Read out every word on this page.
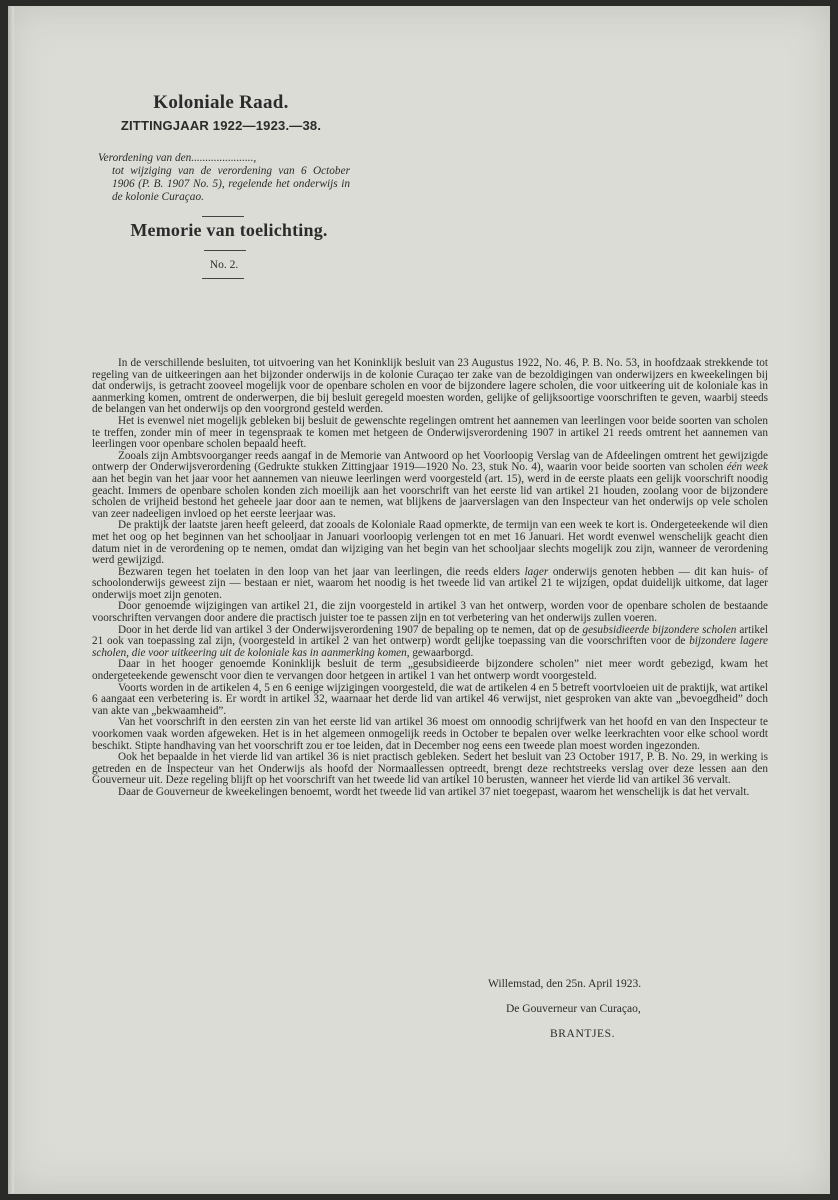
Koloniale Raad.
ZITTINGJAAR 1922—1923.—38.
Verordening van den......................,
tot wijziging van de verordening van 6 October 1906 (P. B. 1907 No. 5), regelende het onderwijs in de kolonie Curaçao.
Memorie van toelichting.
No. 2.

In de verschillende besluiten, tot uitvoering van het Koninklijk besluit van 23 Augustus 1922, No. 46, P. B. No. 53, in hoofdzaak strekkende tot regeling van de uitkeeringen aan het bijzonder onderwijs in de kolonie Curaçao ter zake van de bezoldigingen van onderwijzers en kweekelingen bij dat onderwijs, is getracht zooveel mogelijk voor de openbare scholen en voor de bijzondere lagere scholen, die voor uitkeering uit de koloniale kas in aanmerking komen, omtrent de onderwerpen, die bij besluit geregeld moesten worden, gelijke of gelijksoortige voorschriften te geven, waarbij steeds de belangen van het onderwijs op den voorgrond gesteld werden.

Het is evenwel niet mogelijk gebleken bij besluit de gewenschte regelingen omtrent het aannemen van leerlingen voor beide soorten van scholen te treffen, zonder min of meer in tegenspraak te komen met hetgeen de Onderwijsverordening 1907 in artikel 21 reeds omtrent het aannemen van leerlingen voor openbare scholen bepaald heeft.

Zooals zijn Ambtsvoorganger reeds aangaf in de Memorie van Antwoord op het Voorloopig Verslag van de Afdeelingen omtrent het gewijzigde ontwerp der Onderwijsverordening (Gedrukte stukken Zittingjaar 1919—1920 No. 23, stuk No. 4), waarin voor beide soorten van scholen één week aan het begin van het jaar voor het aannemen van nieuwe leerlingen werd voorgesteld (art. 15), werd in de eerste plaats een gelijk voorschrift noodig geacht. Immers de openbare scholen konden zich moeilijk aan het voorschrift van het eerste lid van artikel 21 houden, zoolang voor de bijzondere scholen de vrijheid bestond het geheele jaar door aan te nemen, wat blijkens de jaarverslagen van den Inspecteur van het onderwijs op vele scholen van zeer nadeeligen invloed op het eerste leerjaar was.

De praktijk der laatste jaren heeft geleerd, dat zooals de Koloniale Raad opmerkte, de termijn van een week te kort is. Ondergeteekende wil dien met het oog op het beginnen van het schooljaar in Januari voorloopig verlengen tot en met 16 Januari. Het wordt evenwel wenschelijk geacht dien datum niet in de verordening op te nemen, omdat dan wijziging van het begin van het schooljaar slechts mogelijk zou zijn, wanneer de verordening werd gewijzigd.

Bezwaren tegen het toelaten in den loop van het jaar van leerlingen, die reeds elders lager onderwijs genoten hebben — dit kan huis- of schoolonderwijs geweest zijn — bestaan er niet, waarom het noodig is het tweede lid van artikel 21 te wijzigen, opdat duidelijk uitkome, dat lager onderwijs moet zijn genoten.

Door genoemde wijzigingen van artikel 21, die zijn voorgesteld in artikel 3 van het ontwerp, worden voor de openbare scholen de bestaande voorschriften vervangen door andere die practisch juister toe te passen zijn en tot verbetering van het onderwijs zullen voeren.

Door in het derde lid van artikel 3 der Onderwijsverordening 1907 de bepaling op te nemen, dat op de gesubsidieerde bijzondere scholen artikel 21 ook van toepassing zal zijn, (voorgesteld in artikel 2 van het ontwerp) wordt gelijke toepassing van die voorschriften voor de bijzondere lagere scholen, die voor uitkeering uit de koloniale kas in aanmerking komen, gewaarborgd.

Daar in het hooger genoemde Koninklijk besluit de term „gesubsidieerde bijzondere scholen” niet meer wordt gebezigd, kwam het ondergeteekende gewenscht voor dien te vervangen door hetgeen in artikel 1 van het ontwerp wordt voorgesteld.

Voorts worden in de artikelen 4, 5 en 6 eenige wijzigingen voorgesteld, die wat de artikelen 4 en 5 betreft voortvloeien uit de praktijk, wat artikel 6 aangaat een verbetering is. Er wordt in artikel 32, waarnaar het derde lid van artikel 46 verwijst, niet gesproken van akte van „bevoegdheid” doch van akte van „bekwaamheid”.

Van het voorschrift in den eersten zin van het eerste lid van artikel 36 moest om onnoodig schrijfwerk van het hoofd en van den Inspecteur te voorkomen vaak worden afgeweken. Het is in het algemeen onmogelijk reeds in October te bepalen over welke leerkrachten voor elke school wordt beschikt. Stipte handhaving van het voorschrift zou er toe leiden, dat in December nog eens een tweede plan moest worden ingezonden.

Ook het bepaalde in het vierde lid van artikel 36 is niet practisch gebleken. Sedert het besluit van 23 October 1917, P. B. No. 29, in werking is getreden en de Inspecteur van het Onderwijs als hoofd der Normaallessen optreedt, brengt deze rechtstreeks verslag over deze lessen aan den Gouverneur uit. Deze regeling blijft op het voorschrift van het tweede lid van artikel 10 berusten, wanneer het vierde lid van artikel 36 vervalt.

Daar de Gouverneur de kweekelingen benoemt, wordt het tweede lid van artikel 37 niet toegepast, waarom het wenschelijk is dat het vervalt.

Willemstad, den 25n. April 1923.
De Gouverneur van Curaçao,
BRANTJES.
